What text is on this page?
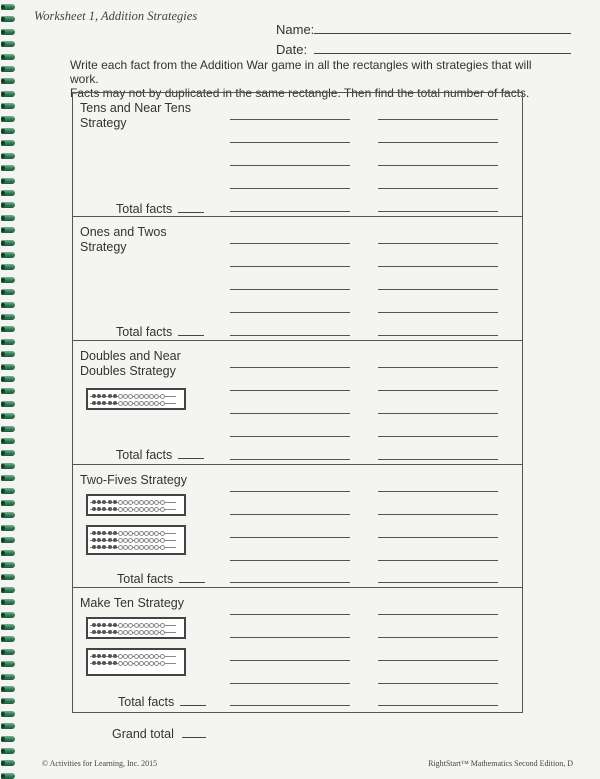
Worksheet 1, Addition Strategies
Name:
Date:
Write each fact from the Addition War game in all the rectangles with strategies that will work.
Facts may not by duplicated in the same rectangle. Then find the total number of facts.
Tens and Near Tens Strategy
Total facts
Ones and Twos Strategy
Total facts
Doubles and Near Doubles Strategy
Total facts
Two-Fives Strategy
Total facts
Make Ten Strategy
Total facts
Grand total
© Activities for Learning, Inc. 2015	RightStart™ Mathematics Second Edition, D
